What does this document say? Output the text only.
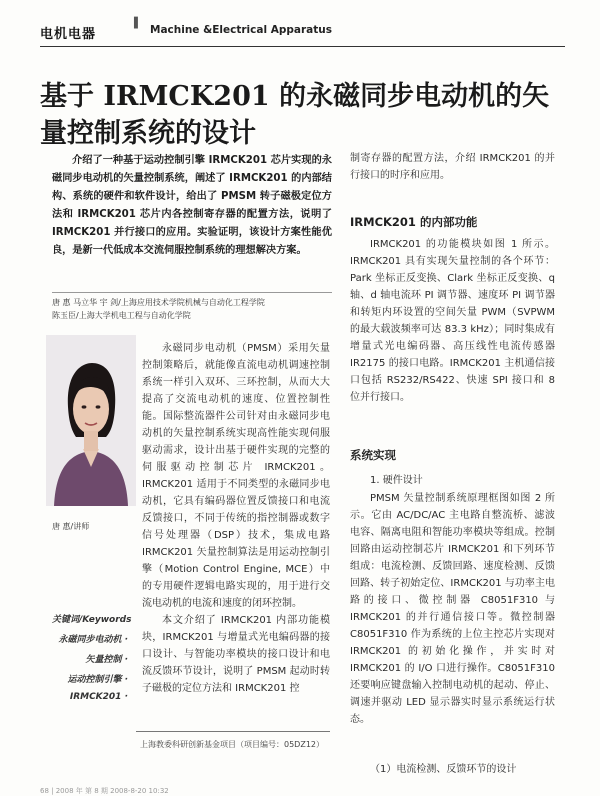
电机电器
▌
Machine &Electrical Apparatus
基于 IRMCK201 的永磁同步电动机的矢量控制系统的设计
介绍了一种基于运动控制引擎 IRMCK201 芯片实现的永磁同步电动机的矢量控制系统，阐述了 IRMCK201 的内部结构、系统的硬件和软件设计，给出了 PMSM 转子磁极定位方法和 IRMCK201 芯片内各控制寄存器的配置方法，说明了 IRMCK201 并行接口的应用。实验证明，该设计方案性能优良，是新一代低成本交流伺服控制系统的理想解决方案。
唐 惠 马立华 宇 剑/上海应用技术学院机械与自动化工程学院
陈玉臣/上海大学机电工程与自动化学院
唐 惠/讲师
关键词/Keywords
永磁同步电动机 ·
矢量控制 ·
运动控制引擎 ·
IRMCK201 ·

永磁同步电动机（PMSM）采用矢量控制策略后，就能像直流电动机调速控制系统一样引入双环、三环控制，从而大大提高了交流电动机的速度、位置控制性能。国际整流器件公司针对由永磁同步电动机的矢量控制系统实现高性能实现伺服驱动需求，设计出基于硬件实现的完整的伺服驱动控制芯片 IRMCK201。IRMCK201 适用于不同类型的永磁同步电动机，它具有编码器位置反馈接口和电流反馈接口，不同于传统的指控制器或数字信号处理器（DSP）技术，集成电路 IRMCK201 矢量控制算法是用运动控制引擎（Motion Control Engine, MCE）中的专用硬件逻辑电路实现的，用于进行交流电动机的电流和速度的闭环控制。

本文介绍了 IRMCK201 内部功能模块，IRMCK201 与增量式光电编码器的接口设计、与智能功率模块的接口设计和电流反馈环节设计，说明了 PMSM 起动时转子磁极的定位方法和 IRMCK201 控

上海教委科研创新基金项目（项目编号：05DZ12）

制寄存器的配置方法，介绍 IRMCK201 的并行接口的时序和应用。

IRMCK201 的内部功能

IRMCK201 的功能模块如图 1 所示。IRMCK201 具有实现矢量控制的各个环节：Park 坐标正反变换、Clark 坐标正反变换、q 轴、d 轴电流环 PI 调节器、速度环 PI 调节器和转矩内环设置的空间矢量 PWM（SVPWM 的最大载波频率可达 83.3 kHz）；同时集成有增量式光电编码器、高压线性电流传感器 IR2175 的接口电路。IRMCK201 主机通信接口包括 RS232/RS422、快速 SPI 接口和 8 位并行接口。

系统实现
1. 硬件设计

PMSM 矢量控制系统原理框图如图 2 所示。它由 AC/DC/AC 主电路自整流桥、滤波电容、隔离电阻和智能功率模块等组成。控制回路由运动控制芯片 IRMCK201 和下列环节组成：电流检测、反馈回路、速度检测、反馈回路、转子初始定位、IRMCK201 与功率主电路的接口、微控制器 C8051F310 与 IRMCK201 的并行通信接口等。微控制器 C8051F310 作为系统的上位主控芯片实现对 IRMCK201 的初始化操作，并实时对 IRMCK201 的 I/O 口进行操作。C8051F310 还要响应键盘输入控制电动机的起动、停止、调速并驱动 LED 显示器实时显示系统运行状态。

（1）电流检测、反馈环节的设计
68 | 2008 年 第 8 期 2008-8-20 10:32
